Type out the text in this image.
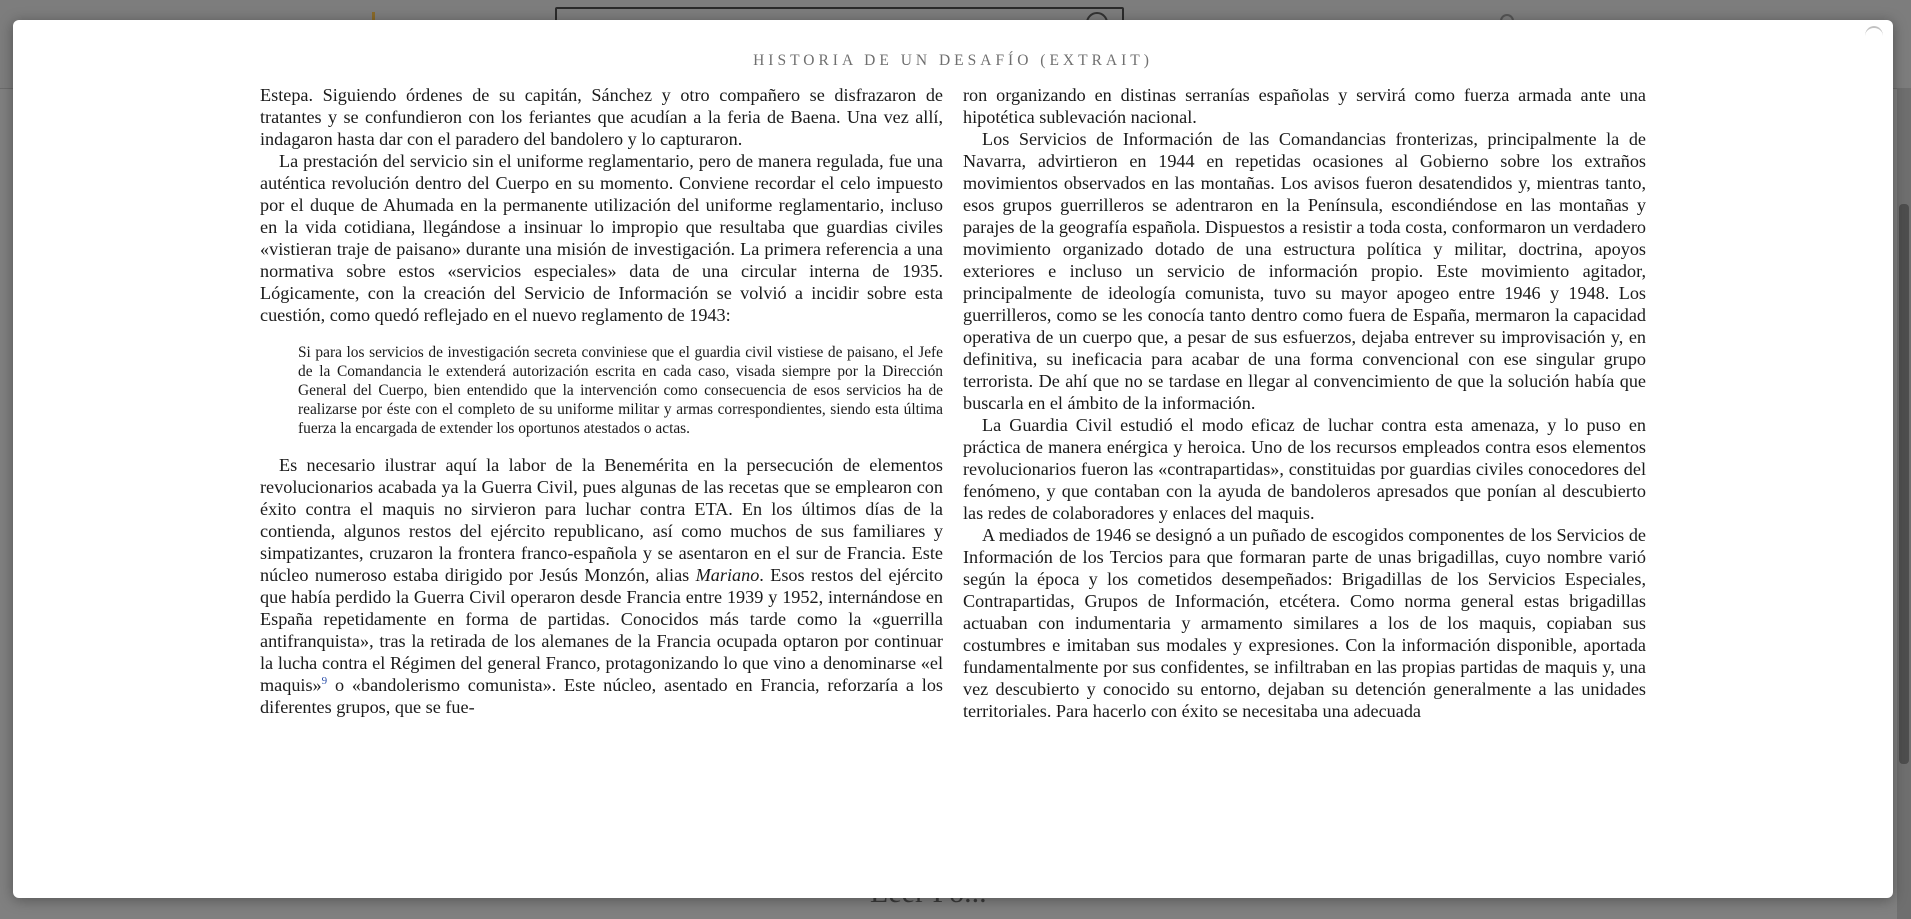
HISTORIA DE UN DESAFÍO (EXTRAIT)

Estepa. Siguiendo órdenes de su capitán, Sánchez y otro compañero se disfrazaron de tratantes y se confundieron con los feriantes que acudían a la feria de Baena. Una vez allí, indagaron hasta dar con el paradero del bandolero y lo capturaron.

La prestación del servicio sin el uniforme reglamentario, pero de manera regulada, fue una auténtica revolución dentro del Cuerpo en su momento. Conviene recordar el celo impuesto por el duque de Ahumada en la permanente utilización del uniforme reglamentario, incluso en la vida cotidiana, llegándose a insinuar lo impropio que resultaba que guardias civiles «vistieran traje de paisano» durante una misión de investigación. La primera referencia a una normativa sobre estos «servicios especiales» data de una circular interna de 1935. Lógicamente, con la creación del Servicio de Información se volvió a incidir sobre esta cuestión, como quedó reflejado en el nuevo reglamento de 1943:

Si para los servicios de investigación secreta conviniese que el guardia civil vistiese de paisano, el Jefe de la Comandancia le extenderá autorización escrita en cada caso, visada siempre por la Dirección General del Cuerpo, bien entendido que la intervención como consecuencia de esos servicios ha de realizarse por éste con el completo de su uniforme militar y armas correspondientes, siendo esta última fuerza la encargada de extender los oportunos atestados o actas.

Es necesario ilustrar aquí la labor de la Benemérita en la persecución de elementos revolucionarios acabada ya la Guerra Civil, pues algunas de las recetas que se emplearon con éxito contra el maquis no sirvieron para luchar contra ETA. En los últimos días de la contienda, algunos restos del ejército republicano, así como muchos de sus familiares y simpatizantes, cruzaron la frontera franco-española y se asentaron en el sur de Francia. Este núcleo numeroso estaba dirigido por Jesús Monzón, alias Mariano. Esos restos del ejército que había perdido la Guerra Civil operaron desde Francia entre 1939 y 1952, internándose en España repetidamente en forma de partidas. Conocidos más tarde como la «guerrilla antifranquista», tras la retirada de los alemanes de la Francia ocupada optaron por continuar la lucha contra el Régimen del general Franco, protagonizando lo que vino a denominarse «el maquis»$^9$ o «bandolerismo comunista». Este núcleo, asentado en Francia, reforzaría a los diferentes grupos, que se fue-

ron organizando en distinas serranías españolas y servirá como fuerza armada ante una hipotética sublevación nacional.

Los Servicios de Información de las Comandancias fronterizas, principalmente la de Navarra, advirtieron en 1944 en repetidas ocasiones al Gobierno sobre los extraños movimientos observados en las montañas. Los avisos fueron desatendidos y, mientras tanto, esos grupos guerrilleros se adentraron en la Península, escondiéndose en las montañas y parajes de la geografía española. Dispuestos a resistir a toda costa, conformaron un verdadero movimiento organizado dotado de una estructura política y militar, doctrina, apoyos exteriores e incluso un servicio de información propio. Este movimiento agitador, principalmente de ideología comunista, tuvo su mayor apogeo entre 1946 y 1948. Los guerrilleros, como se les conocía tanto dentro como fuera de España, mermaron la capacidad operativa de un cuerpo que, a pesar de sus esfuerzos, dejaba entrever su improvisación y, en definitiva, su ineficacia para acabar de una forma convencional con ese singular grupo terrorista. De ahí que no se tardase en llegar al convencimiento de que la solución había que buscarla en el ámbito de la información.

La Guardia Civil estudió el modo eficaz de luchar contra esta amenaza, y lo puso en práctica de manera enérgica y heroica. Uno de los recursos empleados contra esos elementos revolucionarios fueron las «contrapartidas», constituidas por guardias civiles conocedores del fenómeno, y que contaban con la ayuda de bandoleros apresados que ponían al descubierto las redes de colaboradores y enlaces del maquis.

A mediados de 1946 se designó a un puñado de escogidos componentes de los Servicios de Información de los Tercios para que formaran parte de unas brigadillas, cuyo nombre varió según la época y los cometidos desempeñados: Brigadillas de los Servicios Especiales, Contrapartidas, Grupos de Información, etcétera. Como norma general estas brigadillas actuaban con indumentaria y armamento similares a los de los maquis, copiaban sus costumbres e imitaban sus modales y expresiones. Con la información disponible, aportada fundamentalmente por sus confidentes, se infiltraban en las propias partidas de maquis y, una vez descubierto y conocido su entorno, dejaban su detención generalmente a las unidades territoriales. Para hacerlo con éxito se necesitaba una adecuada
